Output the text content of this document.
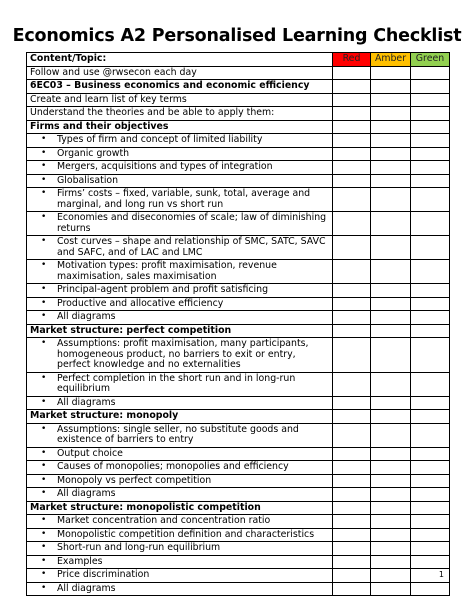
Economics A2 Personalised Learning Checklist
Content/Topic:	Red	Amber	Green
Follow and use @rwsecon each day			
6EC03 – Business economics and economic efficiency			
Create and learn list of key terms			
Understand the theories and be able to apply them:			
Firms and their objectives			

• Types of firm and concept of limited liability			

• Organic growth			

• Mergers, acquisitions and types of integration			

• Globalisation			

• Firms’ costs – fixed, variable, sunk, total, average and marginal, and long run vs short run			

• Economies and diseconomies of scale; law of diminishing returns			

• Cost curves – shape and relationship of SMC, SATC, SAVC and SAFC, and of LAC and LMC			

• Motivation types: profit maximisation, revenue maximisation, sales maximisation			

• Principal-agent problem and profit satisficing			

• Productive and allocative efficiency			

• All diagrams			
Market structure: perfect competition			

• Assumptions: profit maximisation, many participants, homogeneous product, no barriers to exit or entry, perfect knowledge and no externalities			

• Perfect completion in the short run and in long-run equilibrium			

• All diagrams			
Market structure: monopoly			

• Assumptions: single seller, no substitute goods and existence of barriers to entry			

• Output choice			

• Causes of monopolies; monopolies and efficiency			

• Monopoly vs perfect competition			

• All diagrams			
Market structure: monopolistic competition			

• Market concentration and concentration ratio			

• Monopolistic competition definition and characteristics			

• Short-run and long-run equilibrium			

• Examples			

• Price discrimination			

• All diagrams			
1
